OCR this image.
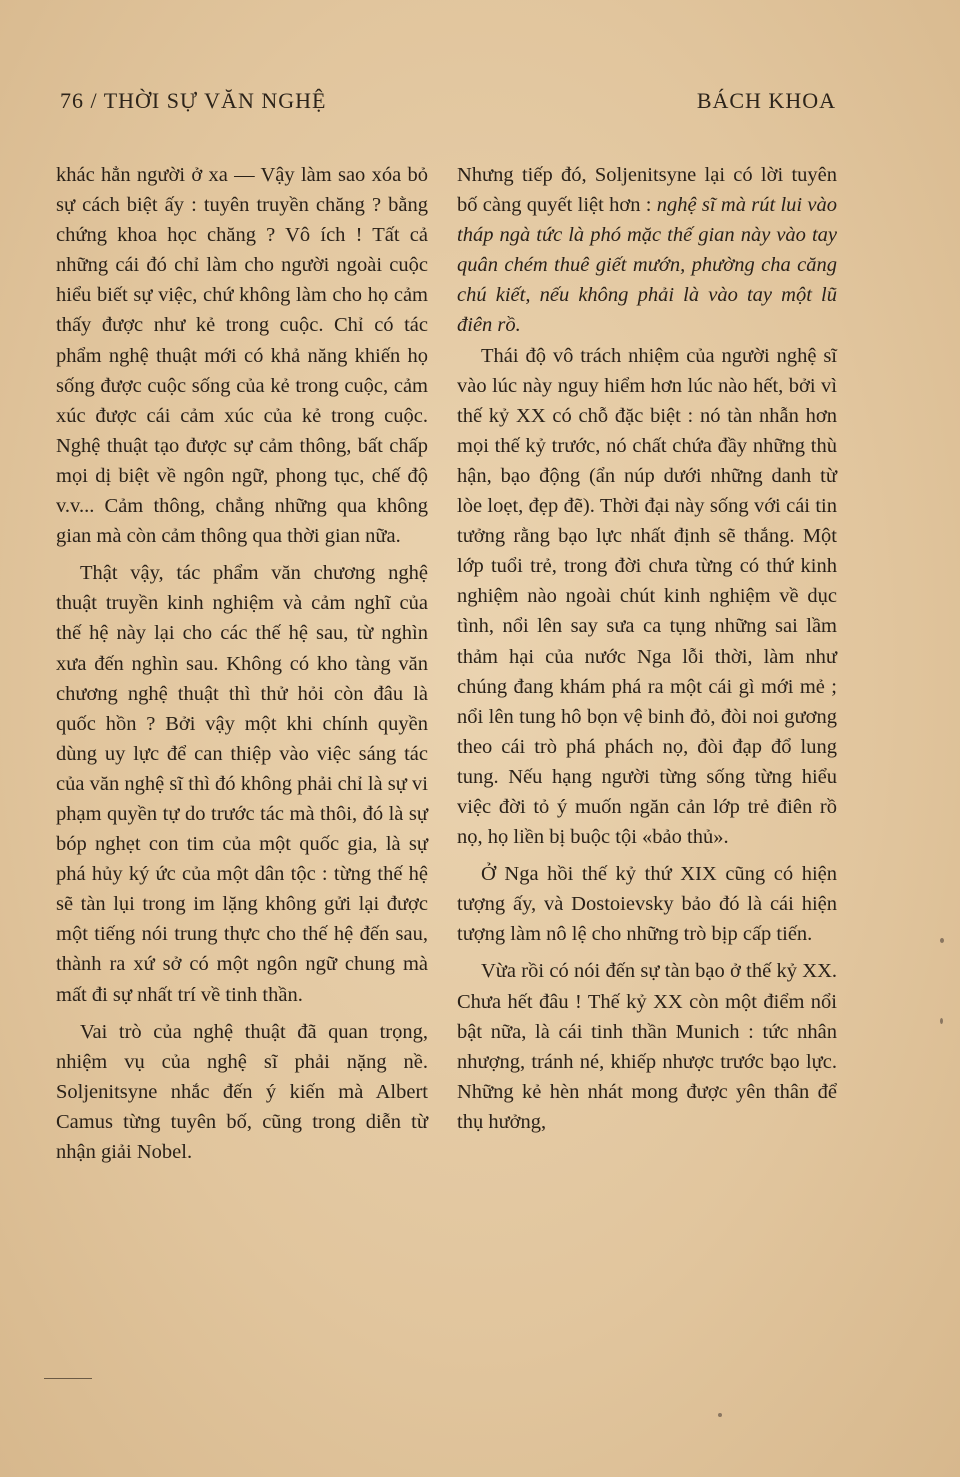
76 / THỜI SỰ VĂN NGHỆ	BÁCH KHOA

khác hẳn người ở xa — Vậy làm sao xóa bỏ sự cách biệt ấy : tuyên truyền chăng ? bằng chứng khoa học chăng ? Vô ích ! Tất cả những cái đó chỉ làm cho người ngoài cuộc hiểu biết sự việc, chứ không làm cho họ cảm thấy được như kẻ trong cuộc. Chỉ có tác phẩm nghệ thuật mới có khả năng khiến họ sống được cuộc sống của kẻ trong cuộc, cảm xúc được cái cảm xúc của kẻ trong cuộc. Nghệ thuật tạo được sự cảm thông, bất chấp mọi dị biệt về ngôn ngữ, phong tục, chế độ v.v... Cảm thông, chẳng những qua không gian mà còn cảm thông qua thời gian nữa.

Thật vậy, tác phẩm văn chương nghệ thuật truyền kinh nghiệm và cảm nghĩ của thế hệ này lại cho các thế hệ sau, từ nghìn xưa đến nghìn sau. Không có kho tàng văn chương nghệ thuật thì thử hỏi còn đâu là quốc hồn ? Bởi vậy một khi chính quyền dùng uy lực để can thiệp vào việc sáng tác của văn nghệ sĩ thì đó không phải chỉ là sự vi phạm quyền tự do trước tác mà thôi, đó là sự bóp nghẹt con tim của một quốc gia, là sự phá hủy ký ức của một dân tộc : từng thế hệ sẽ tàn lụi trong im lặng không gửi lại được một tiếng nói trung thực cho thế hệ đến sau, thành ra xứ sở có một ngôn ngữ chung mà mất đi sự nhất trí về tinh thần.

Vai trò của nghệ thuật đã quan trọng, nhiệm vụ của nghệ sĩ phải nặng nề. Soljenitsyne nhắc đến ý kiến mà Albert Camus từng tuyên bố, cũng trong diễn từ nhận giải Nobel.

Nhưng tiếp đó, Soljenitsyne lại có lời tuyên bố càng quyết liệt hơn : nghệ sĩ mà rút lui vào tháp ngà tức là phó mặc thế gian này vào tay quân chém thuê giết mướn, phường cha căng chú kiết, nếu không phải là vào tay một lũ điên rồ.

Thái độ vô trách nhiệm của người nghệ sĩ vào lúc này nguy hiểm hơn lúc nào hết, bởi vì thế kỷ XX có chỗ đặc biệt : nó tàn nhẫn hơn mọi thế kỷ trước, nó chất chứa đầy những thù hận, bạo động (ẩn núp dưới những danh từ lòe loẹt, đẹp đẽ). Thời đại này sống với cái tin tưởng rằng bạo lực nhất định sẽ thắng. Một lớp tuổi trẻ, trong đời chưa từng có thứ kinh nghiệm nào ngoài chút kinh nghiệm về dục tình, nổi lên say sưa ca tụng những sai lầm thảm hại của nước Nga lỗi thời, làm như chúng đang khám phá ra một cái gì mới mẻ ; nổi lên tung hô bọn vệ binh đỏ, đòi noi gương theo cái trò phá phách nọ, đòi đạp đổ lung tung. Nếu hạng người từng sống từng hiểu việc đời tỏ ý muốn ngăn cản lớp trẻ điên rồ nọ, họ liền bị buộc tội «bảo thủ».

Ở Nga hồi thế kỷ thứ XIX cũng có hiện tượng ấy, và Dostoievsky bảo đó là cái hiện tượng làm nô lệ cho những trò bịp cấp tiến.

Vừa rồi có nói đến sự tàn bạo ở thế kỷ XX. Chưa hết đâu ! Thế kỷ XX còn một điểm nổi bật nữa, là cái tinh thần Munich : tức nhân nhượng, tránh né, khiếp nhược trước bạo lực. Những kẻ hèn nhát mong được yên thân để thụ hưởng,
